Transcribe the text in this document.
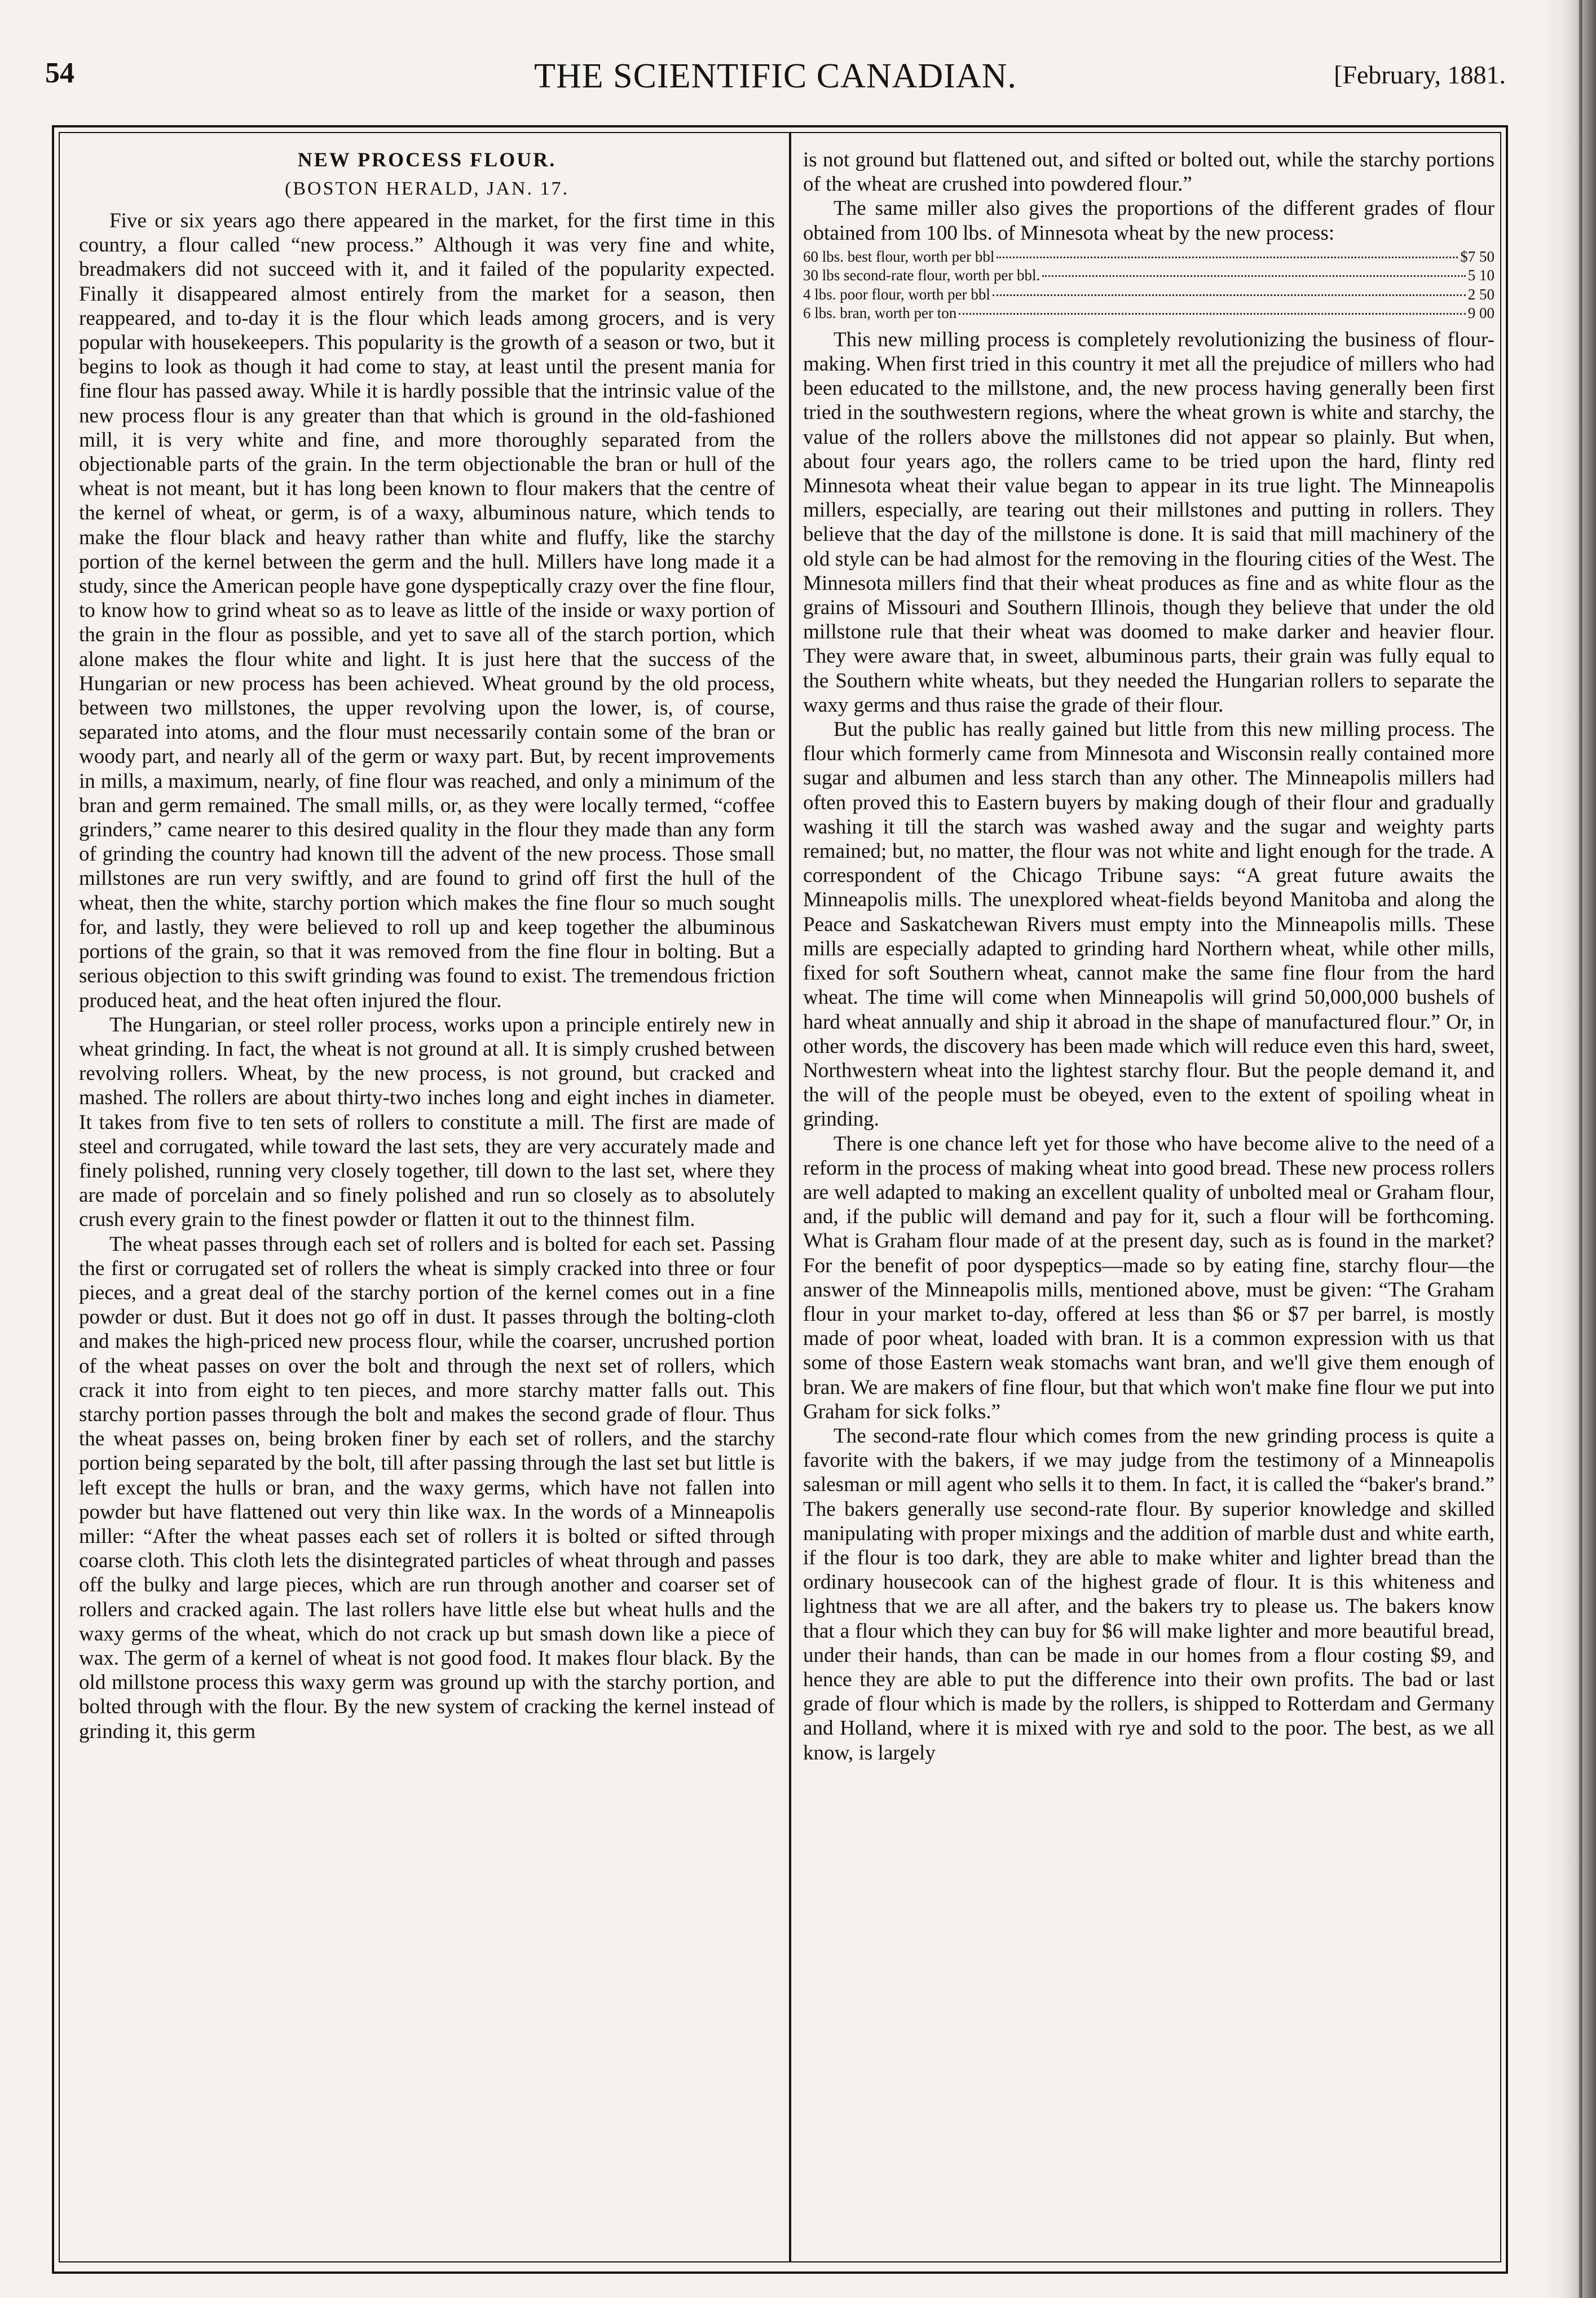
54	THE SCIENTIFIC CANADIAN.	[February, 1881.
NEW PROCESS FLOUR.
(BOSTON HERALD, JAN. 17.

Five or six years ago there appeared in the market, for the first time in this country, a flour called “new process.” Although it was very fine and white, breadmakers did not succeed with it, and it failed of the popularity expected. Finally it disappeared almost entirely from the market for a season, then reappeared, and to-day it is the flour which leads among grocers, and is very popular with housekeepers. This popularity is the growth of a season or two, but it begins to look as though it had come to stay, at least until the present mania for fine flour has passed away. While it is hardly possible that the intrinsic value of the new process flour is any greater than that which is ground in the old-fashioned mill, it is very white and fine, and more thoroughly separated from the objectionable parts of the grain. In the term objectionable the bran or hull of the wheat is not meant, but it has long been known to flour makers that the centre of the kernel of wheat, or germ, is of a waxy, albuminous nature, which tends to make the flour black and heavy rather than white and fluffy, like the starchy portion of the kernel between the germ and the hull. Millers have long made it a study, since the American people have gone dyspeptically crazy over the fine flour, to know how to grind wheat so as to leave as little of the inside or waxy portion of the grain in the flour as possible, and yet to save all of the starch portion, which alone makes the flour white and light. It is just here that the success of the Hungarian or new process has been achieved. Wheat ground by the old process, between two millstones, the upper revolving upon the lower, is, of course, separated into atoms, and the flour must necessarily contain some of the bran or woody part, and nearly all of the germ or waxy part. But, by recent improvements in mills, a maximum, nearly, of fine flour was reached, and only a minimum of the bran and germ remained. The small mills, or, as they were locally termed, “coffee grinders,” came nearer to this desired quality in the flour they made than any form of grinding the country had known till the advent of the new process. Those small millstones are run very swiftly, and are found to grind off first the hull of the wheat, then the white, starchy portion which makes the fine flour so much sought for, and lastly, they were believed to roll up and keep together the albuminous portions of the grain, so that it was removed from the fine flour in bolting. But a serious objection to this swift grinding was found to exist. The tremendous friction produced heat, and the heat often injured the flour.

The Hungarian, or steel roller process, works upon a principle entirely new in wheat grinding. In fact, the wheat is not ground at all. It is simply crushed between revolving rollers. Wheat, by the new process, is not ground, but cracked and mashed. The rollers are about thirty-two inches long and eight inches in diameter. It takes from five to ten sets of rollers to constitute a mill. The first are made of steel and corrugated, while toward the last sets, they are very accurately made and finely polished, running very closely together, till down to the last set, where they are made of porcelain and so finely polished and run so closely as to absolutely crush every grain to the finest powder or flatten it out to the thinnest film.

The wheat passes through each set of rollers and is bolted for each set. Passing the first or corrugated set of rollers the wheat is simply cracked into three or four pieces, and a great deal of the starchy portion of the kernel comes out in a fine powder or dust. But it does not go off in dust. It passes through the bolting-cloth and makes the high-priced new process flour, while the coarser, uncrushed portion of the wheat passes on over the bolt and through the next set of rollers, which crack it into from eight to ten pieces, and more starchy matter falls out. This starchy portion passes through the bolt and makes the second grade of flour. Thus the wheat passes on, being broken finer by each set of rollers, and the starchy portion being separated by the bolt, till after passing through the last set but little is left except the hulls or bran, and the waxy germs, which have not fallen into powder but have flattened out very thin like wax. In the words of a Minneapolis miller: “After the wheat passes each set of rollers it is bolted or sifted through coarse cloth. This cloth lets the disintegrated particles of wheat through and passes off the bulky and large pieces, which are run through another and coarser set of rollers and cracked again. The last rollers have little else but wheat hulls and the waxy germs of the wheat, which do not crack up but smash down like a piece of wax. The germ of a kernel of wheat is not good food. It makes flour black. By the old millstone process this waxy germ was ground up with the starchy portion, and bolted through with the flour. By the new system of cracking the kernel instead of grinding it, this germ

is not ground but flattened out, and sifted or bolted out, while the starchy portions of the wheat are crushed into powdered flour.”

The same miller also gives the proportions of the different grades of flour obtained from 100 lbs. of Minnesota wheat by the new process:

60 lbs. best flour, worth per bbl	$7 50
30 lbs second-rate flour, worth per bbl.	5 10
4 lbs. poor flour, worth per bbl	2 50
6 lbs. bran, worth per ton	9 00

This new milling process is completely revolutionizing the business of flour-making. When first tried in this country it met all the prejudice of millers who had been educated to the millstone, and, the new process having generally been first tried in the southwestern regions, where the wheat grown is white and starchy, the value of the rollers above the millstones did not appear so plainly. But when, about four years ago, the rollers came to be tried upon the hard, flinty red Minnesota wheat their value began to appear in its true light. The Minneapolis millers, especially, are tearing out their millstones and putting in rollers. They believe that the day of the millstone is done. It is said that mill machinery of the old style can be had almost for the removing in the flouring cities of the West. The Minnesota millers find that their wheat produces as fine and as white flour as the grains of Missouri and Southern Illinois, though they believe that under the old millstone rule that their wheat was doomed to make darker and heavier flour. They were aware that, in sweet, albuminous parts, their grain was fully equal to the Southern white wheats, but they needed the Hungarian rollers to separate the waxy germs and thus raise the grade of their flour.

But the public has really gained but little from this new milling process. The flour which formerly came from Minnesota and Wisconsin really contained more sugar and albumen and less starch than any other. The Minneapolis millers had often proved this to Eastern buyers by making dough of their flour and gradually washing it till the starch was washed away and the sugar and weighty parts remained; but, no matter, the flour was not white and light enough for the trade. A correspondent of the Chicago Tribune says: “A great future awaits the Minneapolis mills. The unexplored wheat-fields beyond Manitoba and along the Peace and Saskatchewan Rivers must empty into the Minneapolis mills. These mills are especially adapted to grinding hard Northern wheat, while other mills, fixed for soft Southern wheat, cannot make the same fine flour from the hard wheat. The time will come when Minneapolis will grind 50,000,000 bushels of hard wheat annually and ship it abroad in the shape of manufactured flour.” Or, in other words, the discovery has been made which will reduce even this hard, sweet, Northwestern wheat into the lightest starchy flour. But the people demand it, and the will of the people must be obeyed, even to the extent of spoiling wheat in grinding.

There is one chance left yet for those who have become alive to the need of a reform in the process of making wheat into good bread. These new process rollers are well adapted to making an excellent quality of unbolted meal or Graham flour, and, if the public will demand and pay for it, such a flour will be forthcoming. What is Graham flour made of at the present day, such as is found in the market? For the benefit of poor dyspeptics—made so by eating fine, starchy flour—the answer of the Minneapolis mills, mentioned above, must be given: “The Graham flour in your market to-day, offered at less than $6 or $7 per barrel, is mostly made of poor wheat, loaded with bran. It is a common expression with us that some of those Eastern weak stomachs want bran, and we'll give them enough of bran. We are makers of fine flour, but that which won't make fine flour we put into Graham for sick folks.”

The second-rate flour which comes from the new grinding process is quite a favorite with the bakers, if we may judge from the testimony of a Minneapolis salesman or mill agent who sells it to them. In fact, it is called the “baker's brand.” The bakers generally use second-rate flour. By superior knowledge and skilled manipulating with proper mixings and the addition of marble dust and white earth, if the flour is too dark, they are able to make whiter and lighter bread than the ordinary housecook can of the highest grade of flour. It is this whiteness and lightness that we are all after, and the bakers try to please us. The bakers know that a flour which they can buy for $6 will make lighter and more beautiful bread, under their hands, than can be made in our homes from a flour costing $9, and hence they are able to put the difference into their own profits. The bad or last grade of flour which is made by the rollers, is shipped to Rotterdam and Germany and Holland, where it is mixed with rye and sold to the poor. The best, as we all know, is largely
